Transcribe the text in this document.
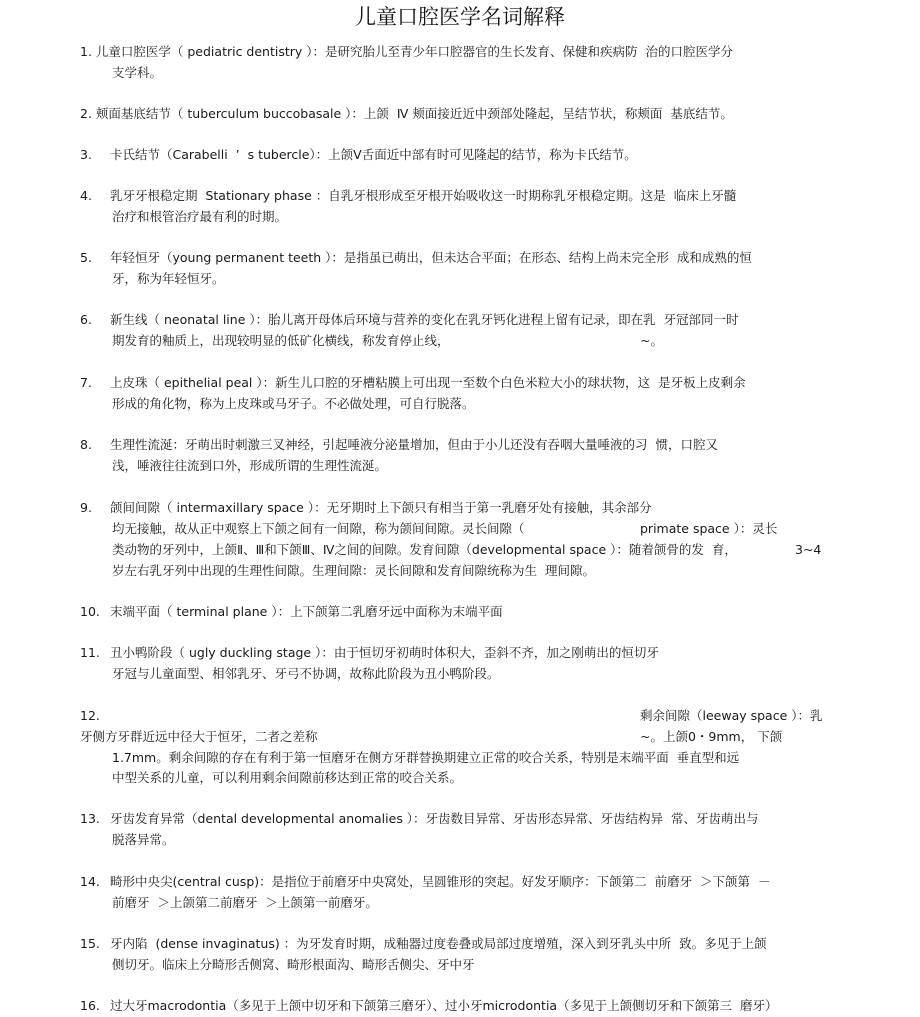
儿童口腔医学名词解释
1. 儿童口腔医学（ pediatric dentistry ）：是研究胎儿至青少年口腔器官的生长发育、保健和疾病防  治的口腔医学分
支学科。
2. 颊面基底结节（ tuberculum buccobasale ）：上颌  Ⅳ 颊面接近近中颈部处隆起，呈结节状，称颊面  基底结节。
3. 卡氏结节（Carabelli  ’  s tubercle）：上颌Ⅴ舌面近中部有时可见隆起的结节，称为卡氏结节。
4. 乳牙牙根稳定期  Stationary phase ：自乳牙根形成至牙根开始吸收这一时期称乳牙根稳定期。这是  临床上牙髓
治疗和根管治疗最有利的时期。
5. 年轻恒牙（young permanent teeth ）：是指虽已萌出，但未达合平面；在形态、结构上尚未完全形  成和成熟的恒
牙，称为年轻恒牙。
6. 新生线（ neonatal line ）：胎儿离开母体后环境与营养的变化在乳牙钙化进程上留有记录，即在乳  牙冠部同一时
期发育的釉质上，出现较明显的低矿化横线，称发育停止线，	~。
7. 上皮珠（ epithelial peal ）：新生儿口腔的牙槽粘膜上可出现一至数个白色米粒大小的球状物，这  是牙板上皮剩余
形成的角化物，称为上皮珠或马牙子。不必做处理，可自行脱落。
8. 生理性流涎：牙萌出时刺激三叉神经，引起唾液分泌量增加，但由于小儿还没有吞咽大量唾液的习  惯，口腔又
浅，唾液往往流到口外，形成所谓的生理性流涎。
9. 颌间间隙（ intermaxillary space ）：无牙期时上下颌只有相当于第一乳磨牙处有接触，其余部分
均无接触，故从正中观察上下颌之间有一间隙，称为颌间间隙。灵长间隙（	primate space ）：灵长
类动物的牙列中，上颌Ⅱ、Ⅲ和下颌Ⅲ、Ⅳ之间的间隙。发育间隙（developmental space ）：随着颌骨的发  育，	3~4
岁左右乳牙列中出现的生理性间隙。生理间隙：灵长间隙和发育间隙统称为生  理间隙。
10. 末端平面（ terminal plane ）：上下颌第二乳磨牙远中面称为末端平面
11. 丑小鸭阶段（ ugly duckling stage ）：由于恒切牙初萌时体积大，歪斜不齐，加之刚萌出的恒切牙
牙冠与儿童面型、相邻乳牙、牙弓不协调，故称此阶段为丑小鸭阶段。
12.	剩余间隙（leeway space ）：乳
牙侧方牙群近远中径大于恒牙，二者之差称	~。上颌0・9mm， 下颌
1.7mm。剩余间隙的存在有利于第一恒磨牙在侧方牙群替换期建立正常的咬合关系，特别是末端平面  垂直型和远
中型关系的儿童，可以利用剩余间隙前移达到正常的咬合关系。
13. 牙齿发育异常（dental developmental anomalies ）：牙齿数目异常、牙齿形态异常、牙齿结构异  常、牙齿萌出与
脱落异常。
14. 畸形中央尖(central cusp)：是指位于前磨牙中央窝处，呈圆锥形的突起。好发牙顺序：下颌第二  前磨牙  ＞下颌第  －
前磨牙  ＞上颌第二前磨牙  ＞上颌第一前磨牙。
15. 牙内陷  (dense invaginatus) ：为牙发育时期，成釉器过度卷叠或局部过度增殖，深入到牙乳头中所  致。多见于上颌
侧切牙。临床上分畸形舌侧窝、畸形根面沟、畸形舌侧尖、牙中牙
16. 过大牙macrodontia（多见于上颌中切牙和下颌第三磨牙）、过小牙microdontia（多见于上颌侧切牙和下颌第三  磨牙）
